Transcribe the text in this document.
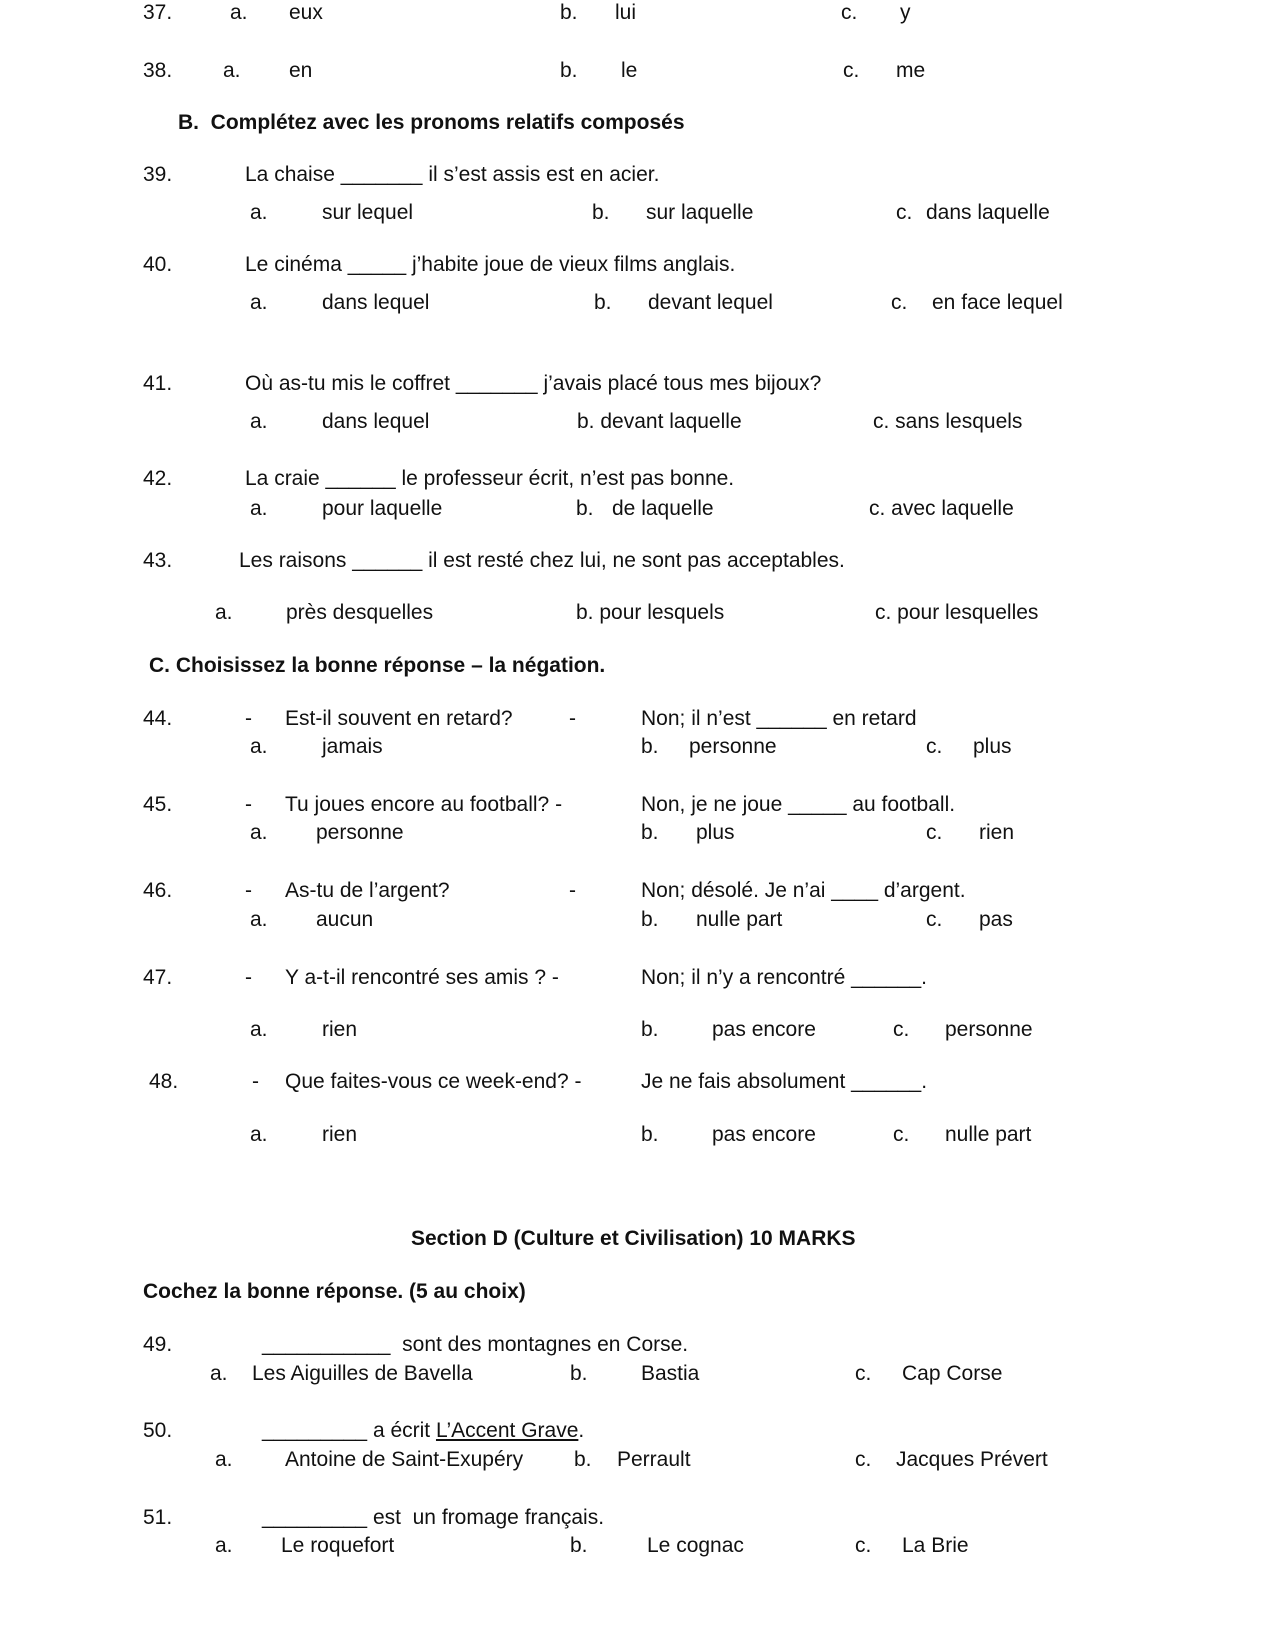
37.	a. eux	b. lui	c. y
38. a. en	b. le	c. me
B.  Complétez avec les pronoms relatifs composés
39.	La chaise _______ il s’est assis est en acier.
a.	sur lequel	b. sur laquelle	c. dans laquelle
40.	Le cinéma _____ j’habite joue de vieux films anglais.
a.	dans lequel	b. devant lequel	c. en face lequel
41.	Où as-tu mis le coffret _______ j’avais placé tous mes bijoux?
a.	dans lequel	b. devant laquelle	c. sans lesquels
42.	La craie ______ le professeur écrit, n’est pas bonne.
a.	pour laquelle	b. de laquelle	c. avec laquelle
43.	Les raisons ______ il est resté chez lui, ne sont pas acceptables.
a.	près desquelles	b. pour lesquels	c. pour lesquelles
C. Choisissez la bonne réponse – la négation.
44.	- Est-il souvent en retard?	-	Non; il n’est ______ en retard
a.	jamais	b. personne	c. plus
45.	- Tu joues encore au football? -	Non, je ne joue _____ au football.
a. personne	b. plus	c. rien
46.	- As-tu de l’argent?	-	Non; désolé. Je n’ai ____ d’argent.
a. aucun	b. nulle part	c. pas
47.	- Y a-t-il rencontré ses amis ? -	Non; il n’y a rencontré ______.
a.	rien	b.	pas encore	c. personne
48.	- Que faites-vous ce week-end? -	Je ne fais absolument ______.
a.	rien	b.	pas encore	c. nulle part
Section D (Culture et Civilisation) 10 MARKS
Cochez la bonne réponse. (5 au choix)
49.	___________  sont des montagnes en Corse.
a. Les Aiguilles de Bavella	b.	Bastia	c. Cap Corse
50.	_________ a écrit L’Accent Grave.
a. Antoine de Saint-Exupéry b. Perrault	c. Jacques Prévert
51.	_________ est  un fromage français.
a. Le roquefort	b.	Le cognac	c. La Brie
